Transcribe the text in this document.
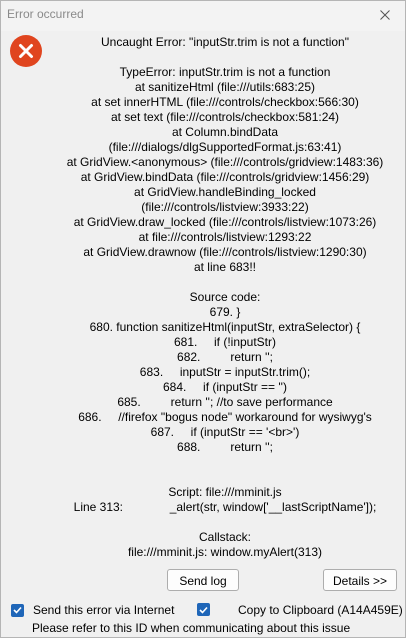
Error occurred
Uncaught Error: "inputStr.trim is not a function"

TypeError: inputStr.trim is not a function
at sanitizeHtml (file:///utils:683:25)
at set innerHTML (file:///controls/checkbox:566:30)
at set text (file:///controls/checkbox:581:24)
at Column.bindData
(file:///dialogs/dlgSupportedFormat.js:63:41)
at GridView.<anonymous> (file:///controls/gridview:1483:36)
at GridView.bindData (file:///controls/gridview:1456:29)
at GridView.handleBinding_locked
(file:///controls/listview:3933:22)
at GridView.draw_locked (file:///controls/listview:1073:26)
at file:///controls/listview:1293:22
at GridView.drawnow (file:///controls/listview:1290:30)
at line 683!!

Source code:
679. }
680. function sanitizeHtml(inputStr, extraSelector) {
681.     if (!inputStr)
682.         return '';
683.     inputStr = inputStr.trim();
684.     if (inputStr == '')
685.         return ''; //to save performance
686.     //firefox "bogus node" workaround for wysiwyg's
687.     if (inputStr == '<br>')
688.         return '';

Script: file:///mminit.js
Line 313:              _alert(str, window['__lastScriptName']);

Callstack:
file:///mminit.js: window.myAlert(313)
Send log	Details >>
Send this error via Internet	Copy to Clipboard (A14A459E)
Please refer to this ID when communicating about this issue
